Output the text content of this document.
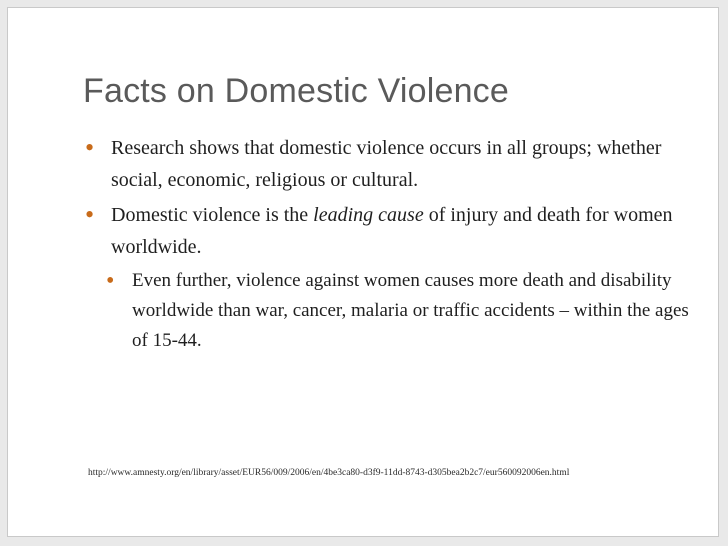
Facts on Domestic Violence
• Research shows that domestic violence occurs in all groups; whether social, economic, religious or cultural.
• Domestic violence is the leading cause of injury and death for women worldwide.
• Even further, violence against women causes more death and disability worldwide than war, cancer, malaria or traffic accidents – within the ages of 15-44.
http://www.amnesty.org/en/library/asset/EUR56/009/2006/en/4be3ca80-d3f9-11dd-8743-d305bea2b2c7/eur560092006en.html
